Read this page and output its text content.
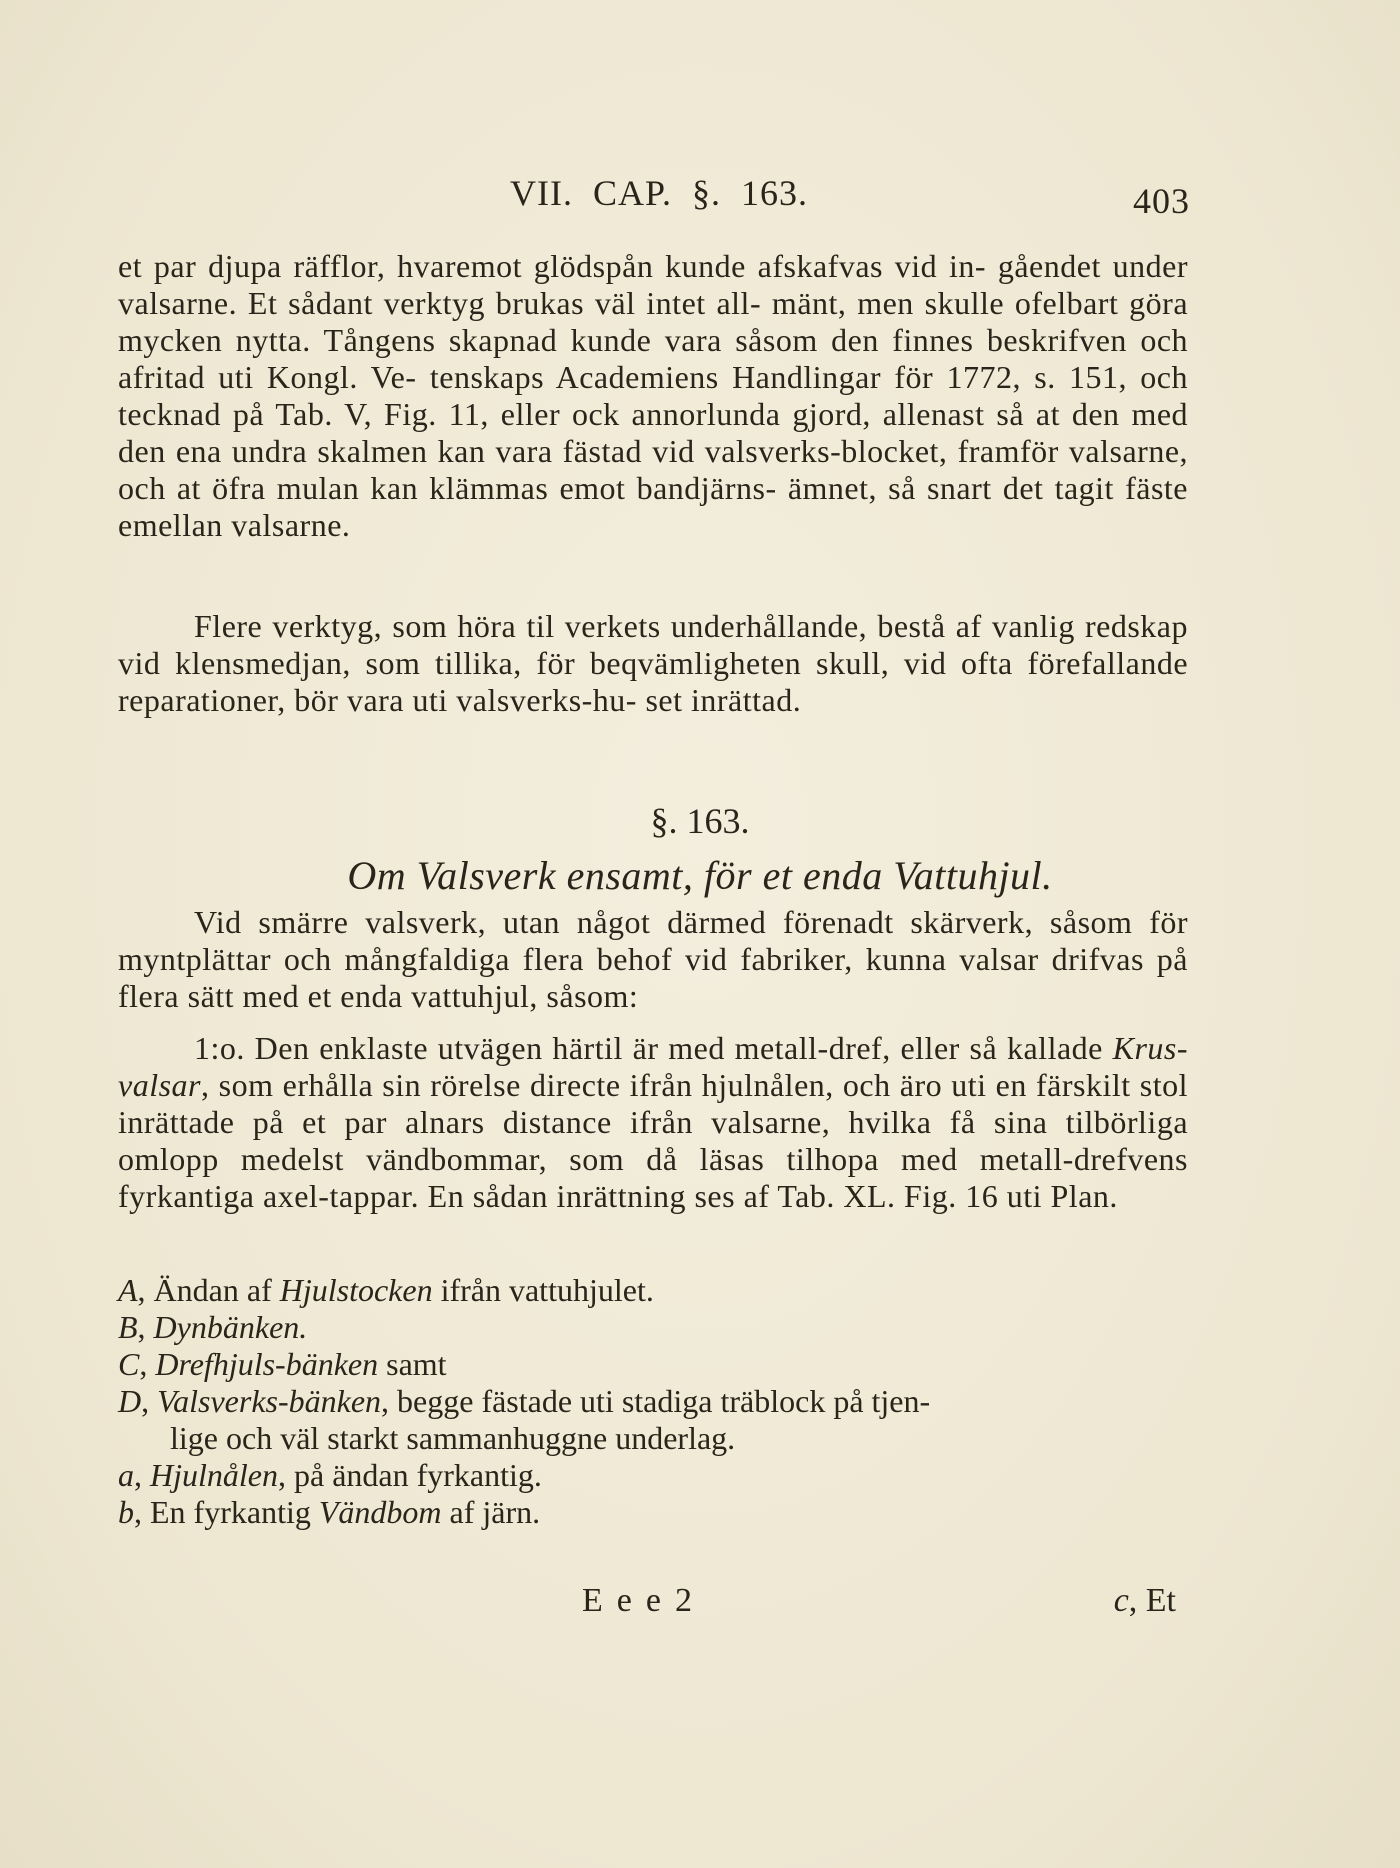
VII. CAP. §. 163.	403

et par djupa räfflor, hvaremot glödspån kunde afskafvas vid in- gåendet under valsarne. Et sådant verktyg brukas väl intet all- mänt, men skulle ofelbart göra mycken nytta. Tångens skapnad kunde vara såsom den finnes beskrifven och afritad uti Kongl. Ve- tenskaps Academiens Handlingar för 1772, s. 151, och tecknad på Tab. V, Fig. 11, eller ock annorlunda gjord, allenast så at den med den ena undra skalmen kan vara fästad vid valsverks-blocket, framför valsarne, och at öfra mulan kan klämmas emot bandjärns- ämnet, så snart det tagit fäste emellan valsarne.

Flere verktyg, som höra til verkets underhållande, bestå af vanlig redskap vid klensmedjan, som tillika, för beqvämligheten skull, vid ofta förefallande reparationer, bör vara uti valsverks-hu- set inrättad.

§. 163.
Om Valsverk ensamt, för et enda Vattuhjul.

Vid smärre valsverk, utan något därmed förenadt skärverk, såsom för myntplättar och mångfaldiga flera behof vid fabriker, kunna valsar drifvas på flera sätt med et enda vattuhjul, såsom:

1:o. Den enklaste utvägen härtil är med metall-dref, eller så kallade Krus-valsar, som erhålla sin rörelse directe ifrån hjulnålen, och äro uti en färskilt stol inrättade på et par alnars distance ifrån valsarne, hvilka få sina tilbörliga omlopp medelst vändbommar, som då läsas tilhopa med metall-drefvens fyrkantiga axel-tappar. En sådan inrättning ses af Tab. XL. Fig. 16 uti Plan.

A, Ändan af Hjulstocken ifrån vattuhjulet.
B, Dynbänken.
C, Drefhjuls-bänken samt
D, Valsverks-bänken, begge fästade uti stadiga träblock på tjen-
lige och väl starkt sammanhuggne underlag.
a, Hjulnålen, på ändan fyrkantig.
b, En fyrkantig Vändbom af järn.
Eee2	c, Et
